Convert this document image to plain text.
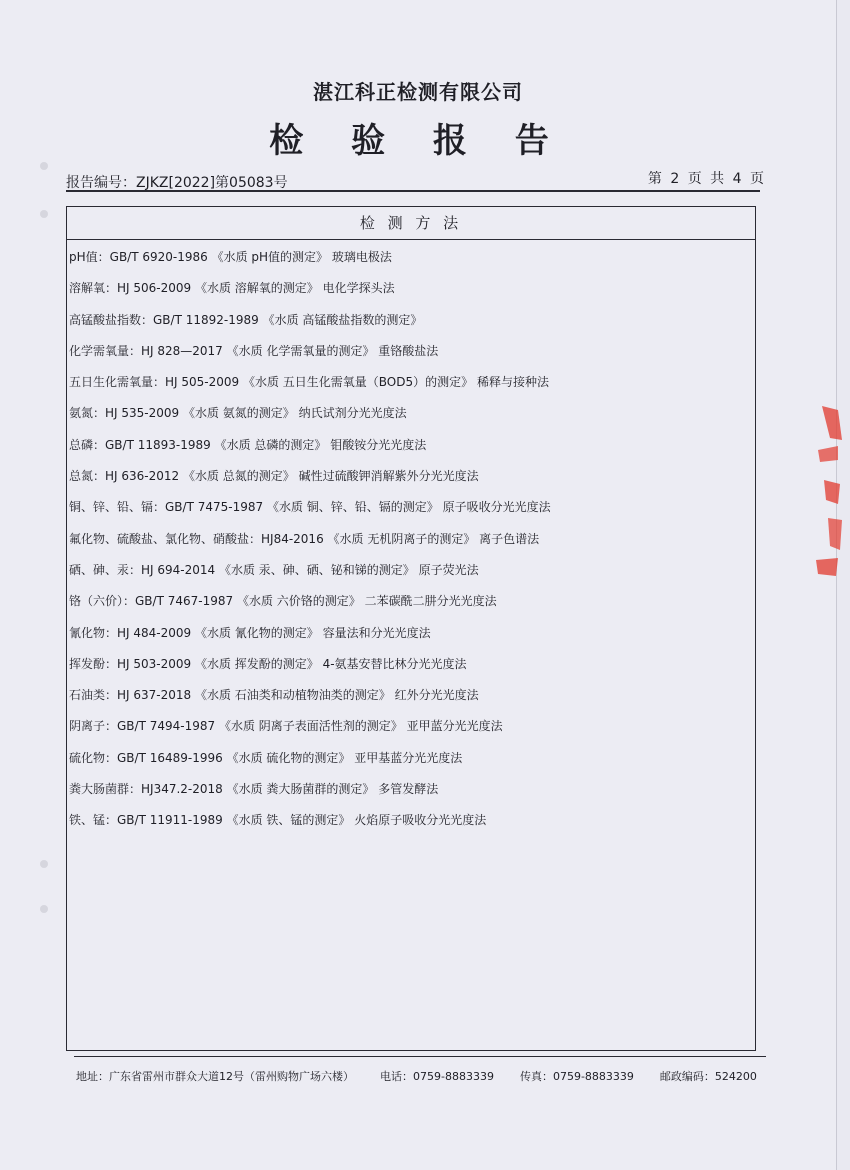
湛江科正检测有限公司
检 验 报 告
报告编号：ZJKZ[2022]第05083号	第 2 页 共 4 页
检 测 方 法
pH值：GB/T 6920-1986 《水质 pH值的测定》 玻璃电极法
溶解氧：HJ 506-2009 《水质 溶解氧的测定》 电化学探头法
高锰酸盐指数：GB/T 11892-1989 《水质 高锰酸盐指数的测定》
化学需氧量：HJ 828—2017 《水质 化学需氧量的测定》 重铬酸盐法
五日生化需氧量：HJ 505-2009 《水质 五日生化需氧量（BOD5）的测定》 稀释与接种法
氨氮：HJ 535-2009 《水质 氨氮的测定》 纳氏试剂分光光度法
总磷：GB/T 11893-1989 《水质 总磷的测定》 钼酸铵分光光度法
总氮：HJ 636-2012 《水质 总氮的测定》 碱性过硫酸钾消解紫外分光光度法
铜、锌、铅、镉：GB/T 7475-1987 《水质 铜、锌、铅、镉的测定》 原子吸收分光光度法
氟化物、硫酸盐、氯化物、硝酸盐：HJ84-2016 《水质 无机阴离子的测定》 离子色谱法
硒、砷、汞：HJ 694-2014 《水质 汞、砷、硒、铋和锑的测定》 原子荧光法
铬（六价）：GB/T 7467-1987 《水质 六价铬的测定》 二苯碳酰二肼分光光度法
氰化物：HJ 484-2009 《水质 氰化物的测定》 容量法和分光光度法
挥发酚：HJ 503-2009 《水质 挥发酚的测定》 4-氨基安替比林分光光度法
石油类：HJ 637-2018 《水质 石油类和动植物油类的测定》 红外分光光度法
阴离子：GB/T 7494-1987 《水质 阴离子表面活性剂的测定》 亚甲蓝分光光度法
硫化物：GB/T 16489-1996 《水质 硫化物的测定》 亚甲基蓝分光光度法
粪大肠菌群：HJ347.2-2018 《水质 粪大肠菌群的测定》 多管发酵法
铁、锰：GB/T 11911-1989 《水质 铁、锰的测定》 火焰原子吸收分光光度法
地址：广东省雷州市群众大道12号（雷州购物广场六楼） 电话：0759-8883339 传真：0759-8883339 邮政编码：524200
